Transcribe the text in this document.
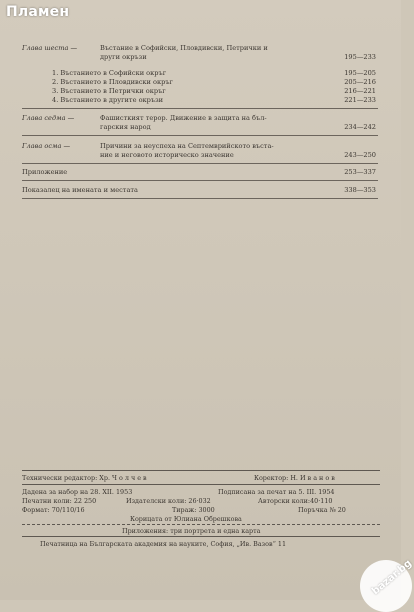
Пламен
Глава шеста —	Въстание в Софийски, Пловдивски, Петрички и
други окръзи	195—233
1. Въстанието в Софийски окръг	195—205
2. Въстанието в Пловдивски окръг	205—216
3. Въстанието в Петрички окръг	216—221
4. Въстанието в другите окръзи	221—233
Глава седма —	Фашисткият терор. Движение в защита на бъл-
гарския народ	234—242
Глава осма —	Причини за неуспеха на Септемврийското въста-
ние и неговото историческо значение	243—250
Приложение	253—337
Показалец на имената и местата	338—353
Технически редактор: Хр. Ч о л ч е в	Коректор: Н. И в а н о в
Дадена за набор на 28. XII. 1953	Подписана за печат на 5. III. 1954
Печатни коли: 22 250	Издателски коли: 26·032	Авторски коли:40·110
Формат: 70/110/16	Тираж: 3000	Поръчка № 20
Корицата от Юлиана Обрешкова
Приложения: три портрета и една карта
Печатница на Българската академия на науките, София, „Ив. Вазов“ 11
bazar.bg
